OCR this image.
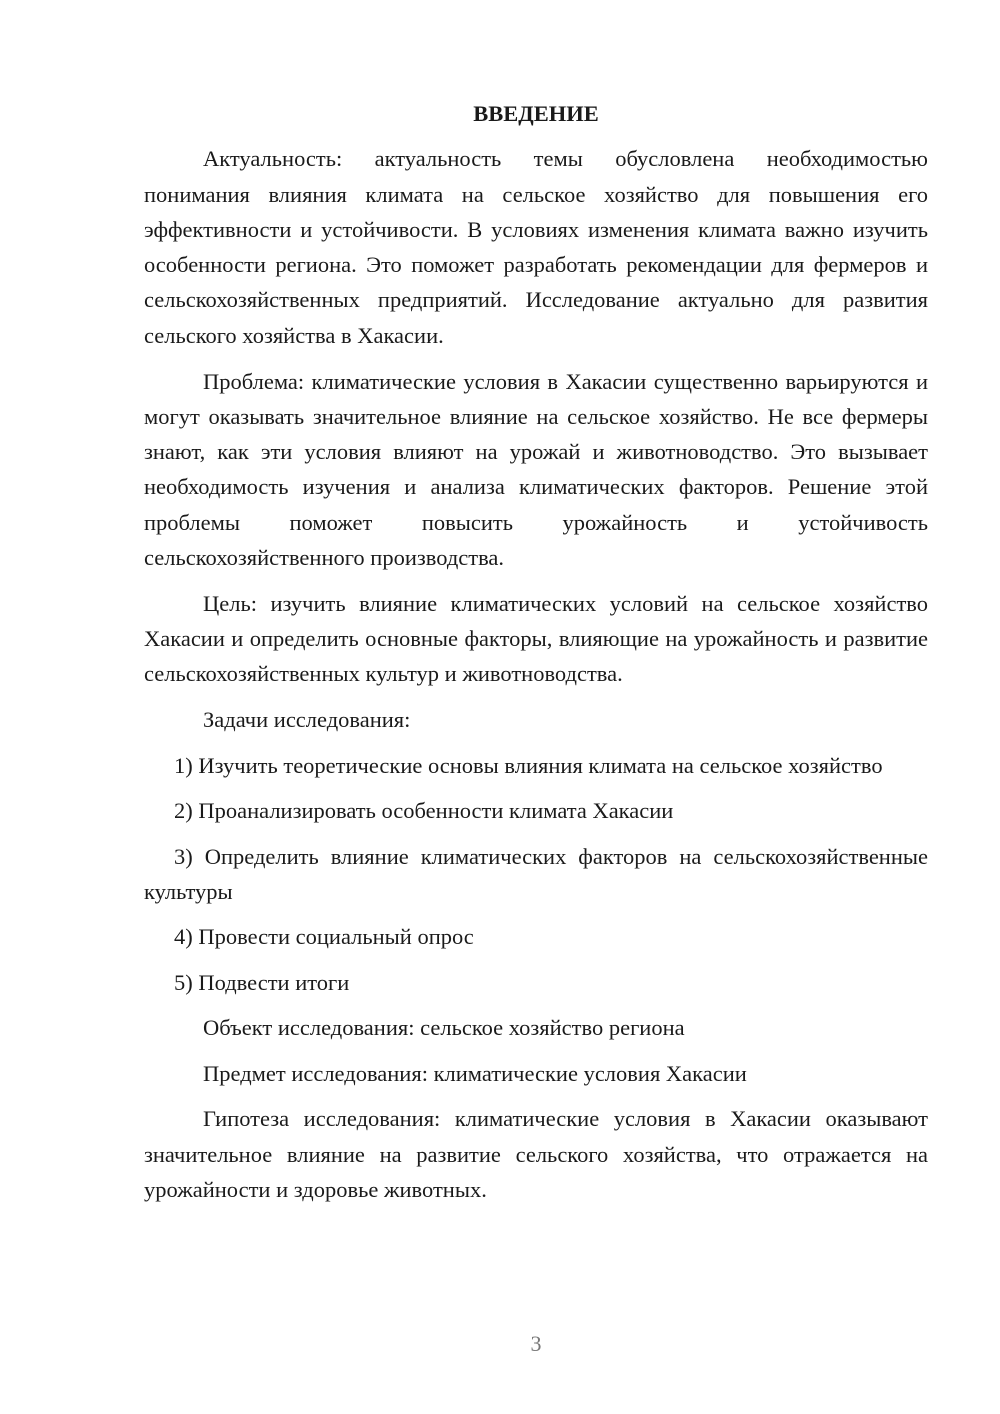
ВВЕДЕНИЕ

Актуальность: актуальность темы обусловлена необходимостью понимания влияния климата на сельское хозяйство для повышения его эффективности и устойчивости. В условиях изменения климата важно изучить особенности региона. Это поможет разработать рекомендации для фермеров и сельскохозяйственных предприятий. Исследование актуально для развития сельского хозяйства в Хакасии.

Проблема: климатические условия в Хакасии существенно варьируются и могут оказывать значительное влияние на сельское хозяйство. Не все фермеры знают, как эти условия влияют на урожай и животноводство. Это вызывает необходимость изучения и анализа климатических факторов. Решение этой проблемы поможет повысить урожайность и устойчивость сельскохозяйственного производства.

Цель: изучить влияние климатических условий на сельское хозяйство Хакасии и определить основные факторы, влияющие на урожайность и развитие сельскохозяйственных культур и животноводства.

Задачи исследования:

1) Изучить теоретические основы влияния климата на сельское хозяйство

2) Проанализировать особенности климата Хакасии

3) Определить влияние климатических факторов на сельскохозяйственные культуры

4) Провести социальный опрос

5) Подвести итоги

Объект исследования: сельское хозяйство региона

Предмет исследования: климатические условия Хакасии

Гипотеза исследования: климатические условия в Хакасии оказывают значительное влияние на развитие сельского хозяйства, что отражается на урожайности и здоровье животных.

3
